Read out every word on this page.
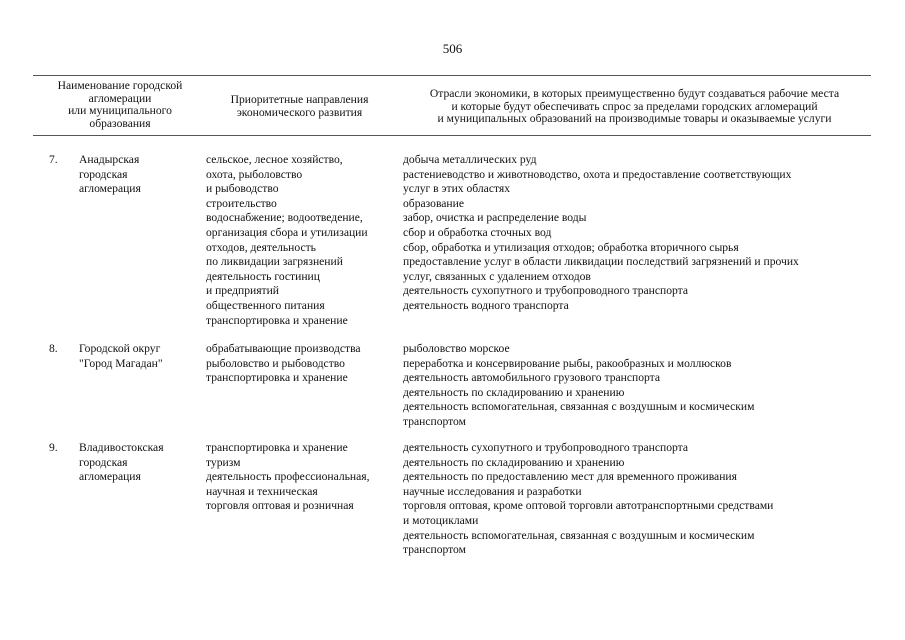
506
Наименование городской
агломерации
или муниципального
образования
Приоритетные направления
экономического развития
Отрасли экономики, в которых преимущественно будут создаваться рабочие места
и которые будут обеспечивать спрос за пределами городских агломераций
и муниципальных образований на производимые товары и оказываемые услуги
7. Анадырская
городская
агломерация
сельское, лесное хозяйство,
охота, рыболовство
и рыбоводство
строительство
водоснабжение; водоотведение,
организация сбора и утилизации
отходов, деятельность
по ликвидации загрязнений
деятельность гостиниц
и предприятий
общественного питания
транспортировка и хранение
добыча металлических руд
растениеводство и животноводство, охота и предоставление соответствующих
услуг в этих областях
образование
забор, очистка и распределение воды
сбор и обработка сточных вод
сбор, обработка и утилизация отходов; обработка вторичного сырья
предоставление услуг в области ликвидации последствий загрязнений и прочих
услуг, связанных с удалением отходов
деятельность сухопутного и трубопроводного транспорта
деятельность водного транспорта
8. Городской округ
"Город Магадан"
обрабатывающие производства
рыболовство и рыбоводство
транспортировка и хранение
рыболовство морское
переработка и консервирование рыбы, ракообразных и моллюсков
деятельность автомобильного грузового транспорта
деятельность по складированию и хранению
деятельность вспомогательная, связанная с воздушным и космическим
транспортом
9. Владивостокская
городская
агломерация
транспортировка и хранение
туризм
деятельность профессиональная,
научная и техническая
торговля оптовая и розничная
деятельность сухопутного и трубопроводного транспорта
деятельность по складированию и хранению
деятельность по предоставлению мест для временного проживания
научные исследования и разработки
торговля оптовая, кроме оптовой торговли автотранспортными средствами
и мотоциклами
деятельность вспомогательная, связанная с воздушным и космическим
транспортом
